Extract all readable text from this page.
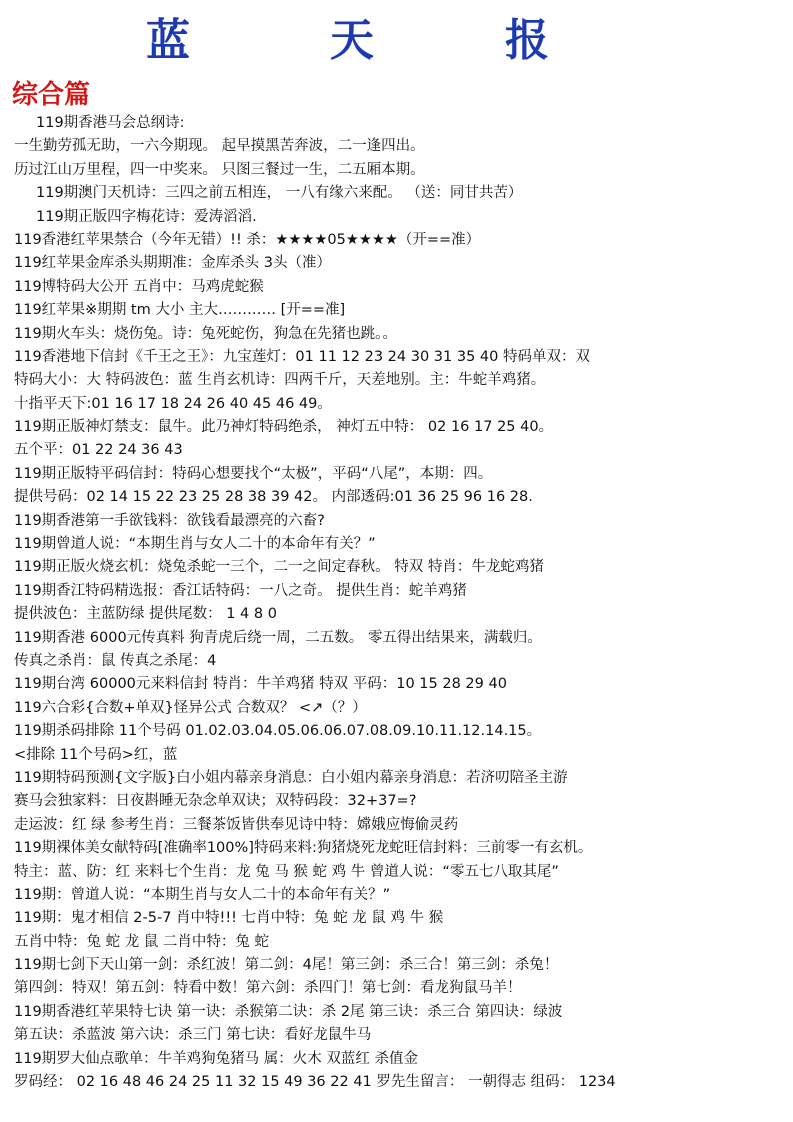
蓝	天	报
综合篇
119期香港马会总纲诗:
一生勤劳孤无助，一六今期现。 起早摸黑苦奔波，二一逢四出。
历过江山万里程，四一中奖来。 只图三餐过一生，二五厢本期。
119期澳门天机诗：三四之前五相连， 一八有缘六来配。 （送：同甘共苦）
119期正版四字梅花诗：爱涛滔滔.
119香港红苹果禁合（今年无错）!! 杀：★★★★05★★★★（开==准）
119红苹果金库杀头期期准：金库杀头 3头（准）
119博特码大公开 五肖中：马鸡虎蛇猴
119红苹果※期期 tm 大小 主大………… [开==准]
119期火车头：烧伤兔。诗：兔死蛇伤，狗急在先猪也跳。。
119香港地下信封《千王之王》：九宝莲灯：01 11 12 23 24 30 31 35 40 特码单双：双
特码大小：大 特码波色：蓝 生肖玄机诗：四两千斤，天差地别。主：牛蛇羊鸡猪。
十指平天下:01 16 17 18 24 26 40 45 46 49。
119期正版神灯禁支：鼠牛。此乃神灯特码绝杀， 神灯五中特： 02 16 17 25 40。
五个平：01 22 24 36 43
119期正版特平码信封：特码心想要找个“太极”，平码“八尾”，本期：四。
提供号码：02 14 15 22 23 25 28 38 39 42。 内部透码:01 36 25 96 16 28.
119期香港第一手欲钱料：欲钱看最漂亮的六畜?
119期曾道人说：“本期生肖与女人二十的本命年有关？”
119期正版火烧玄机：烧兔杀蛇一三个，二一之间定春秋。 特双 特肖：牛龙蛇鸡猪
119期香江特码精选报：香江话特码：一八之奇。 提供生肖：蛇羊鸡猪
提供波色：主蓝防绿 提供尾数： 1 4 8 0
119期香港 6000元传真料 狗青虎后绕一周，二五数。 零五得出结果来，满载归。
传真之杀肖：鼠 传真之杀尾：4
119期台湾 60000元来料信封 特肖：牛羊鸡猪 特双 平码：10 15 28 29 40
119六合彩{合数+单双}怪异公式 合数双？ <↗（？）
119期杀码排除 11个号码 01.02.03.04.05.06.06.07.08.09.10.11.12.14.15。
<排除 11个号码>红，蓝
119期特码预测{文字版}白小姐内幕亲身消息：白小姐内幕亲身消息：若济叨陪圣主游
赛马会独家料：日夜斟睡无杂念单双诀；双特码段：32+37=?
走运波：红 绿 参考生肖：三餐茶饭皆供奉见诗中特：嫦娥应悔偷灵药
119期裸体美女献特码[准确率100%]特码来料:狗猪烧死龙蛇旺信封料：三前零一有玄机。
特主：蓝、防：红 来料七个生肖：龙 兔 马 猴 蛇 鸡 牛 曾道人说：“零五七八取其尾”
119期：曾道人说：“本期生肖与女人二十的本命年有关？”
119期：鬼才相信 2-5-7 肖中特!!! 七肖中特：兔 蛇 龙 鼠 鸡 牛 猴
五肖中特：兔 蛇 龙 鼠 二肖中特：兔 蛇
119期七剑下天山第一剑：杀红波！第二剑：4尾！第三剑：杀三合！第三剑：杀兔！
第四剑：特双！第五剑：特看中数！第六剑：杀四门！第七剑：看龙狗鼠马羊！
119期香港红苹果特七诀 第一诀：杀猴第二诀：杀 2尾 第三诀：杀三合 第四诀：绿波
第五诀：杀蓝波 第六诀：杀三门 第七诀：看好龙鼠牛马
119期罗大仙点歌单：牛羊鸡狗兔猪马 属：火木 双蓝红 杀值金
罗码经： 02 16 48 46 24 25 11 32 15 49 36 22 41 罗先生留言： 一朝得志 组码： 1234
